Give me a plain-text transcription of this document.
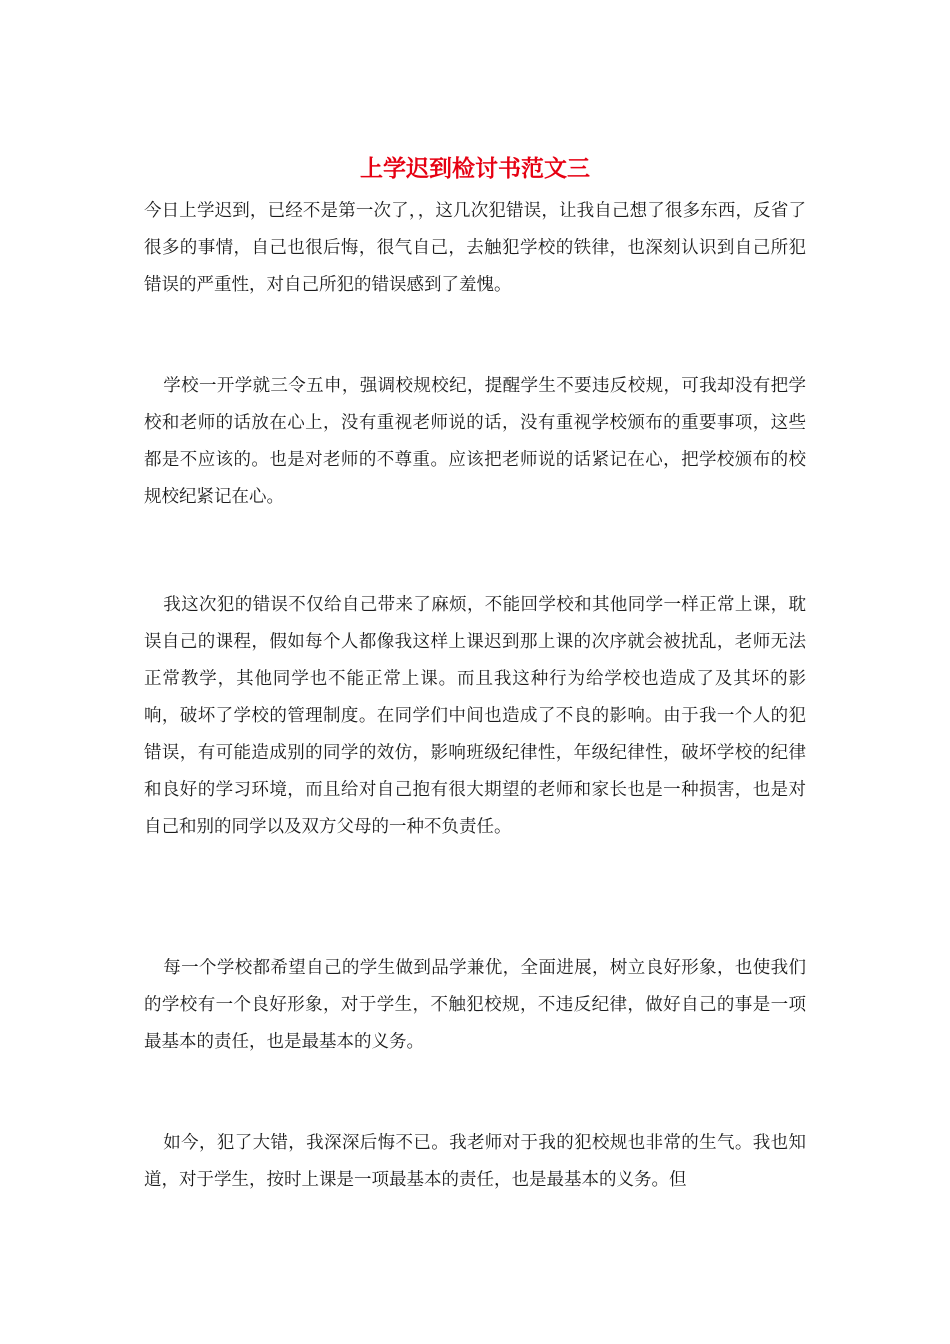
上学迟到检讨书范文三

今日上学迟到，已经不是第一次了，，这几次犯错误，让我自己想了很多东西，反省了很多的事情，自己也很后悔，很气自己，去触犯学校的铁律，也深刻认识到自己所犯错误的严重性，对自己所犯的错误感到了羞愧。

学校一开学就三令五申，强调校规校纪，提醒学生不要违反校规，可我却没有把学校和老师的话放在心上，没有重视老师说的话，没有重视学校颁布的重要事项，这些都是不应该的。也是对老师的不尊重。应该把老师说的话紧记在心，把学校颁布的校规校纪紧记在心。

我这次犯的错误不仅给自己带来了麻烦，不能回学校和其他同学一样正常上课，耽误自己的课程，假如每个人都像我这样上课迟到那上课的次序就会被扰乱，老师无法正常教学，其他同学也不能正常上课。而且我这种行为给学校也造成了及其坏的影响，破坏了学校的管理制度。在同学们中间也造成了不良的影响。由于我一个人的犯错误，有可能造成别的同学的效仿，影响班级纪律性，年级纪律性，破坏学校的纪律和良好的学习环境，而且给对自己抱有很大期望的老师和家长也是一种损害，也是对自己和别的同学以及双方父母的一种不负责任。

每一个学校都希望自己的学生做到品学兼优，全面进展，树立良好形象，也使我们的学校有一个良好形象，对于学生，不触犯校规，不违反纪律，做好自己的事是一项最基本的责任，也是最基本的义务。

如今，犯了大错，我深深后悔不已。我老师对于我的犯校规也非常的生气。我也知道，对于学生，按时上课是一项最基本的责任，也是最基本的义务。但
